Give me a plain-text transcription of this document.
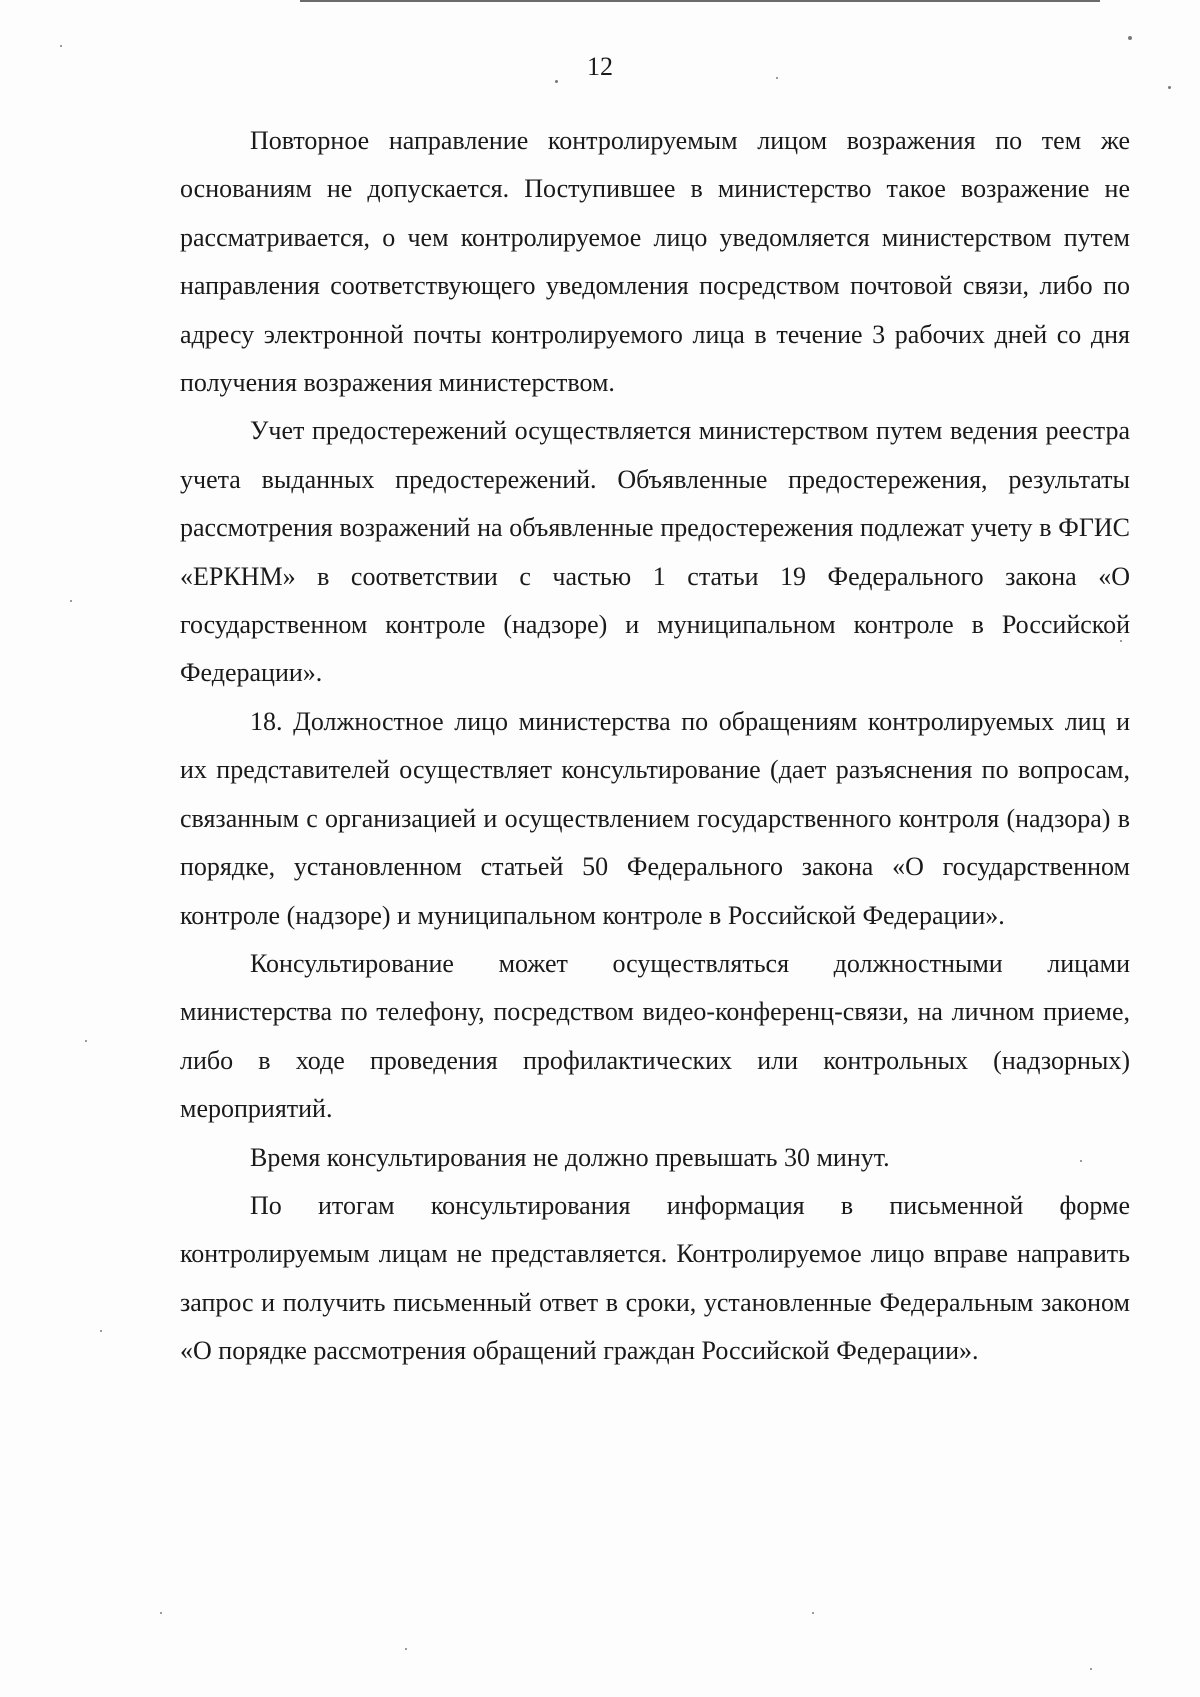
12

Повторное направление контролируемым лицом возражения по тем же основаниям не допускается. Поступившее в министерство такое возражение не рассматривается, о чем контролируемое лицо уведомляется министерством путем направления соответствующего уведомления посредством почтовой связи, либо по адресу электронной почты контролируемого лица в течение 3 рабочих дней со дня получения возражения министерством.

Учет предостережений осуществляется министерством путем ведения реестра учета выданных предостережений. Объявленные предостережения, результаты рассмотрения возражений на объявленные предостережения подлежат учету в ФГИС «ЕРКНМ» в соответствии с частью 1 статьи 19 Федерального закона «О государственном контроле (надзоре) и муниципальном контроле в Российской Федерации».

18. Должностное лицо министерства по обращениям контролируемых лиц и их представителей осуществляет консультирование (дает разъяснения по вопросам, связанным с организацией и осуществлением государственного контроля (надзора) в порядке, установленном статьей 50 Федерального закона «О государственном контроле (надзоре) и муниципальном контроле в Российской Федерации».

Консультирование может осуществляться должностными лицами министерства по телефону, посредством видео-конференц-связи, на личном приеме, либо в ходе проведения профилактических или контрольных (надзорных) мероприятий.

Время консультирования не должно превышать 30 минут.

По итогам консультирования информация в письменной форме контролируемым лицам не представляется. Контролируемое лицо вправе направить запрос и получить письменный ответ в сроки, установленные Федеральным законом «О порядке рассмотрения обращений граждан Российской Федерации».
